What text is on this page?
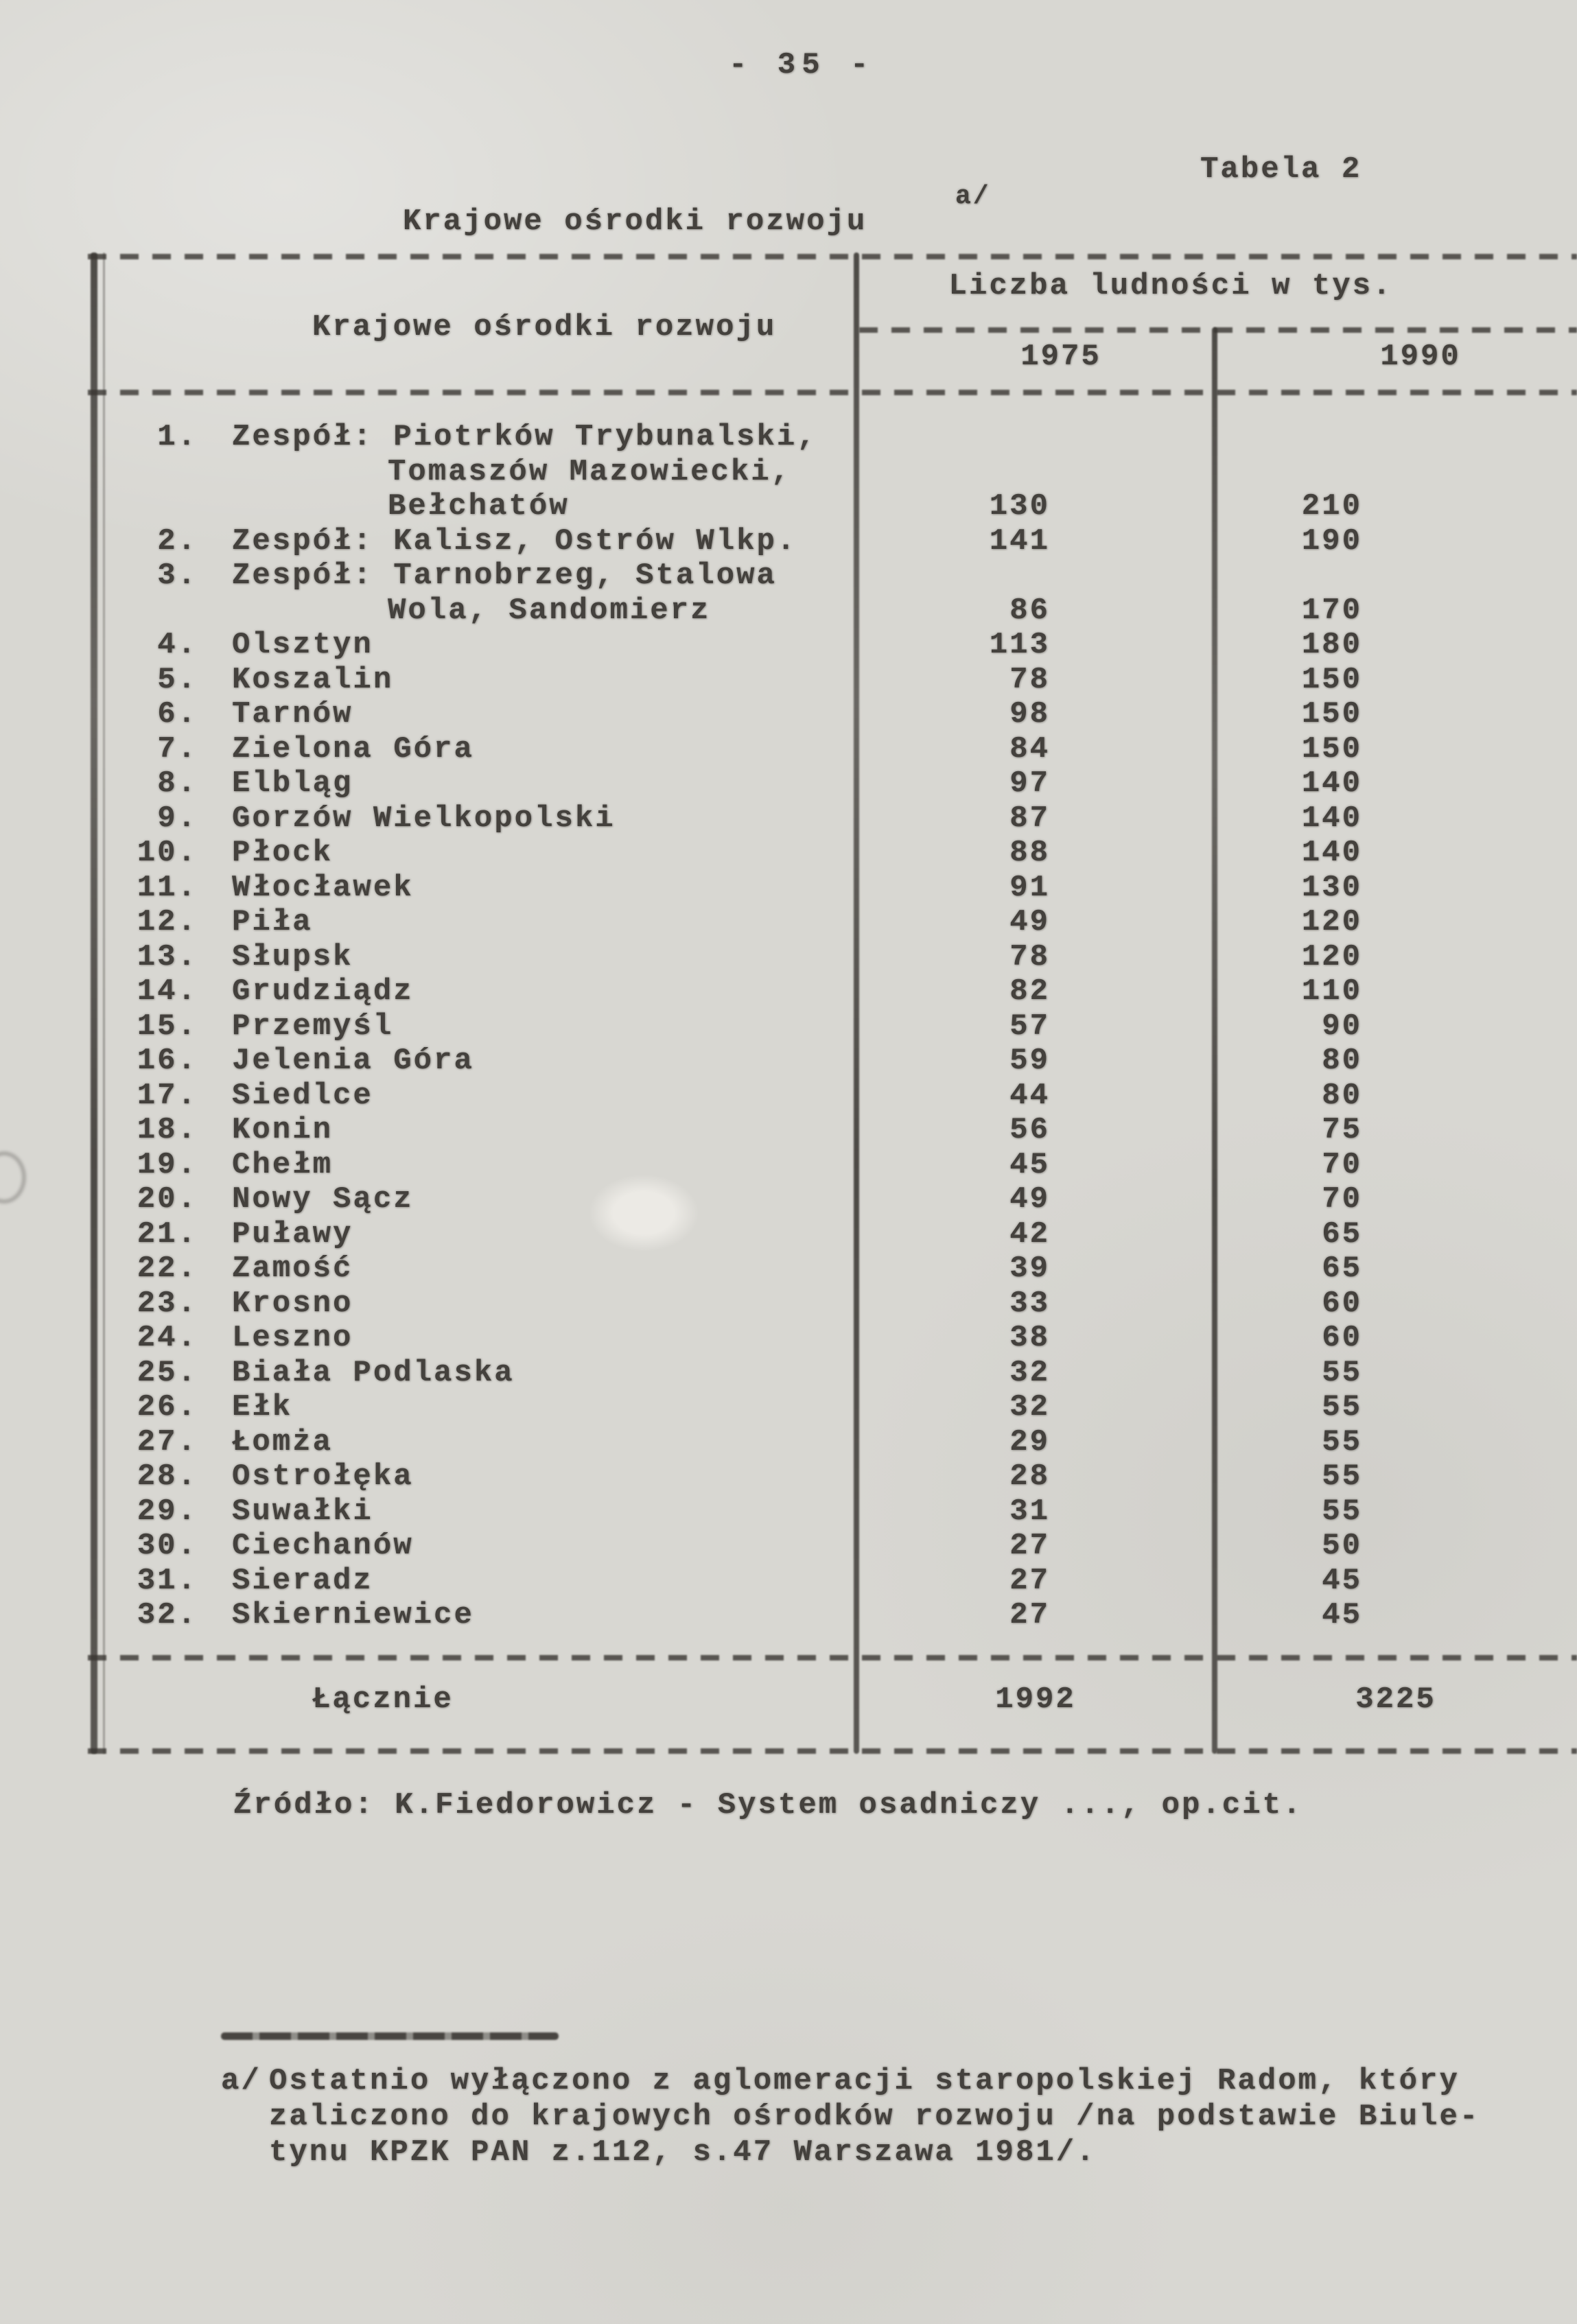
- 35 -
Tabela 2
Krajowe ośrodki rozwoju
a/
Krajowe ośrodki rozwoju
Liczba ludności w tys.
1975	1990
1. Zespół: Piotrków Trybunalski,
Tomaszów Mazowiecki,
Bełchatów	130	210
2. Zespół: Kalisz, Ostrów Wlkp.	141	190
3. Zespół: Tarnobrzeg, Stalowa
Wola, Sandomierz	86	170
4. Olsztyn	113	180
5. Koszalin	78	150
6. Tarnów	98	150
7. Zielona Góra	84	150
8. Elbląg	97	140
9. Gorzów Wielkopolski	87	140
10. Płock	88	140
11. Włocławek	91	130
12. Piła	49	120
13. Słupsk	78	120
14. Grudziądz	82	110
15. Przemyśl	57	90
16. Jelenia Góra	59	80
17. Siedlce	44	80
18. Konin	56	75
19. Chełm	45	70
20. Nowy Sącz	49	70
21. Puławy	42	65
22. Zamość	39	65
23. Krosno	33	60
24. Leszno	38	60
25. Biała Podlaska	32	55
26. Ełk	32	55
27. Łomża	29	55
28. Ostrołęka	28	55
29. Suwałki	31	55
30. Ciechanów	27	50
31. Sieradz	27	45
32. Skierniewice	27	45
Łącznie	1992	3225
Źródło: K.Fiedorowicz - System osadniczy ..., op.cit.
a/ Ostatnio wyłączono z aglomeracji staropolskiej Radom, który
zaliczono do krajowych ośrodków rozwoju /na podstawie Biule-
tynu KPZK PAN z.112, s.47 Warszawa 1981/.
